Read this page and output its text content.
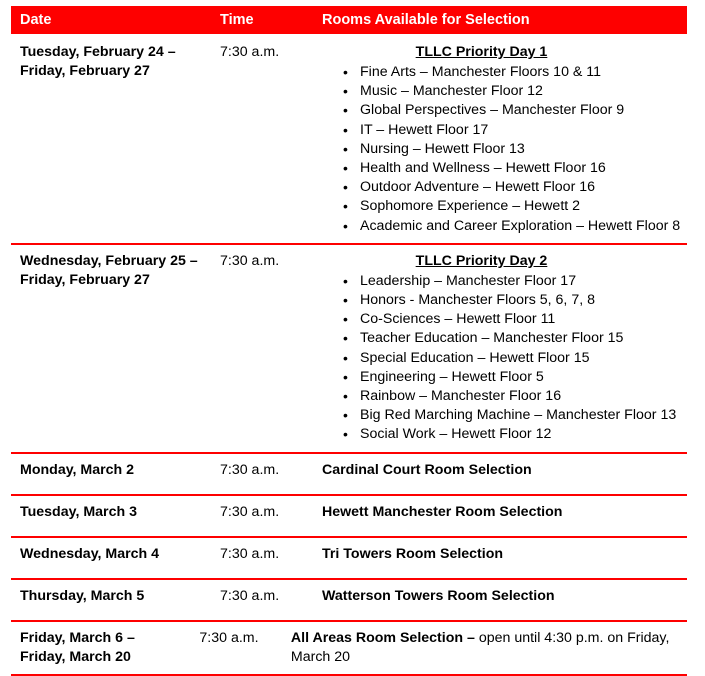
Date	Time	Rooms Available for Selection
Tuesday, February 24 –
Friday, February 27
7:30 a.m.	TLLC Priority Day 1
• Fine Arts – Manchester Floors 10 & 11
• Music – Manchester Floor 12
• Global Perspectives – Manchester Floor 9
• IT – Hewett Floor 17
• Nursing – Hewett Floor 13
• Health and Wellness – Hewett Floor 16
• Outdoor Adventure – Hewett Floor 16
• Sophomore Experience – Hewett 2
• Academic and Career Exploration – Hewett Floor 8
Wednesday, February 25 –
Friday, February 27
7:30 a.m.	TLLC Priority Day 2
• Leadership – Manchester Floor 17
• Honors - Manchester Floors 5, 6, 7, 8
• Co-Sciences – Hewett Floor 11
• Teacher Education – Manchester Floor 15
• Special Education – Hewett Floor 15
• Engineering – Hewett Floor 5
• Rainbow – Manchester Floor 16
• Big Red Marching Machine – Manchester Floor 13
• Social Work – Hewett Floor 12
Monday, March 2	7:30 a.m.	Cardinal Court Room Selection
Tuesday, March 3	7:30 a.m.	Hewett Manchester Room Selection
Wednesday, March 4	7:30 a.m.	Tri Towers Room Selection
Thursday, March 5	7:30 a.m.	Watterson Towers Room Selection
Friday, March 6 –
Friday, March 20
7:30 a.m.	All Areas Room Selection – open until 4:30 p.m. on Friday, March 20
